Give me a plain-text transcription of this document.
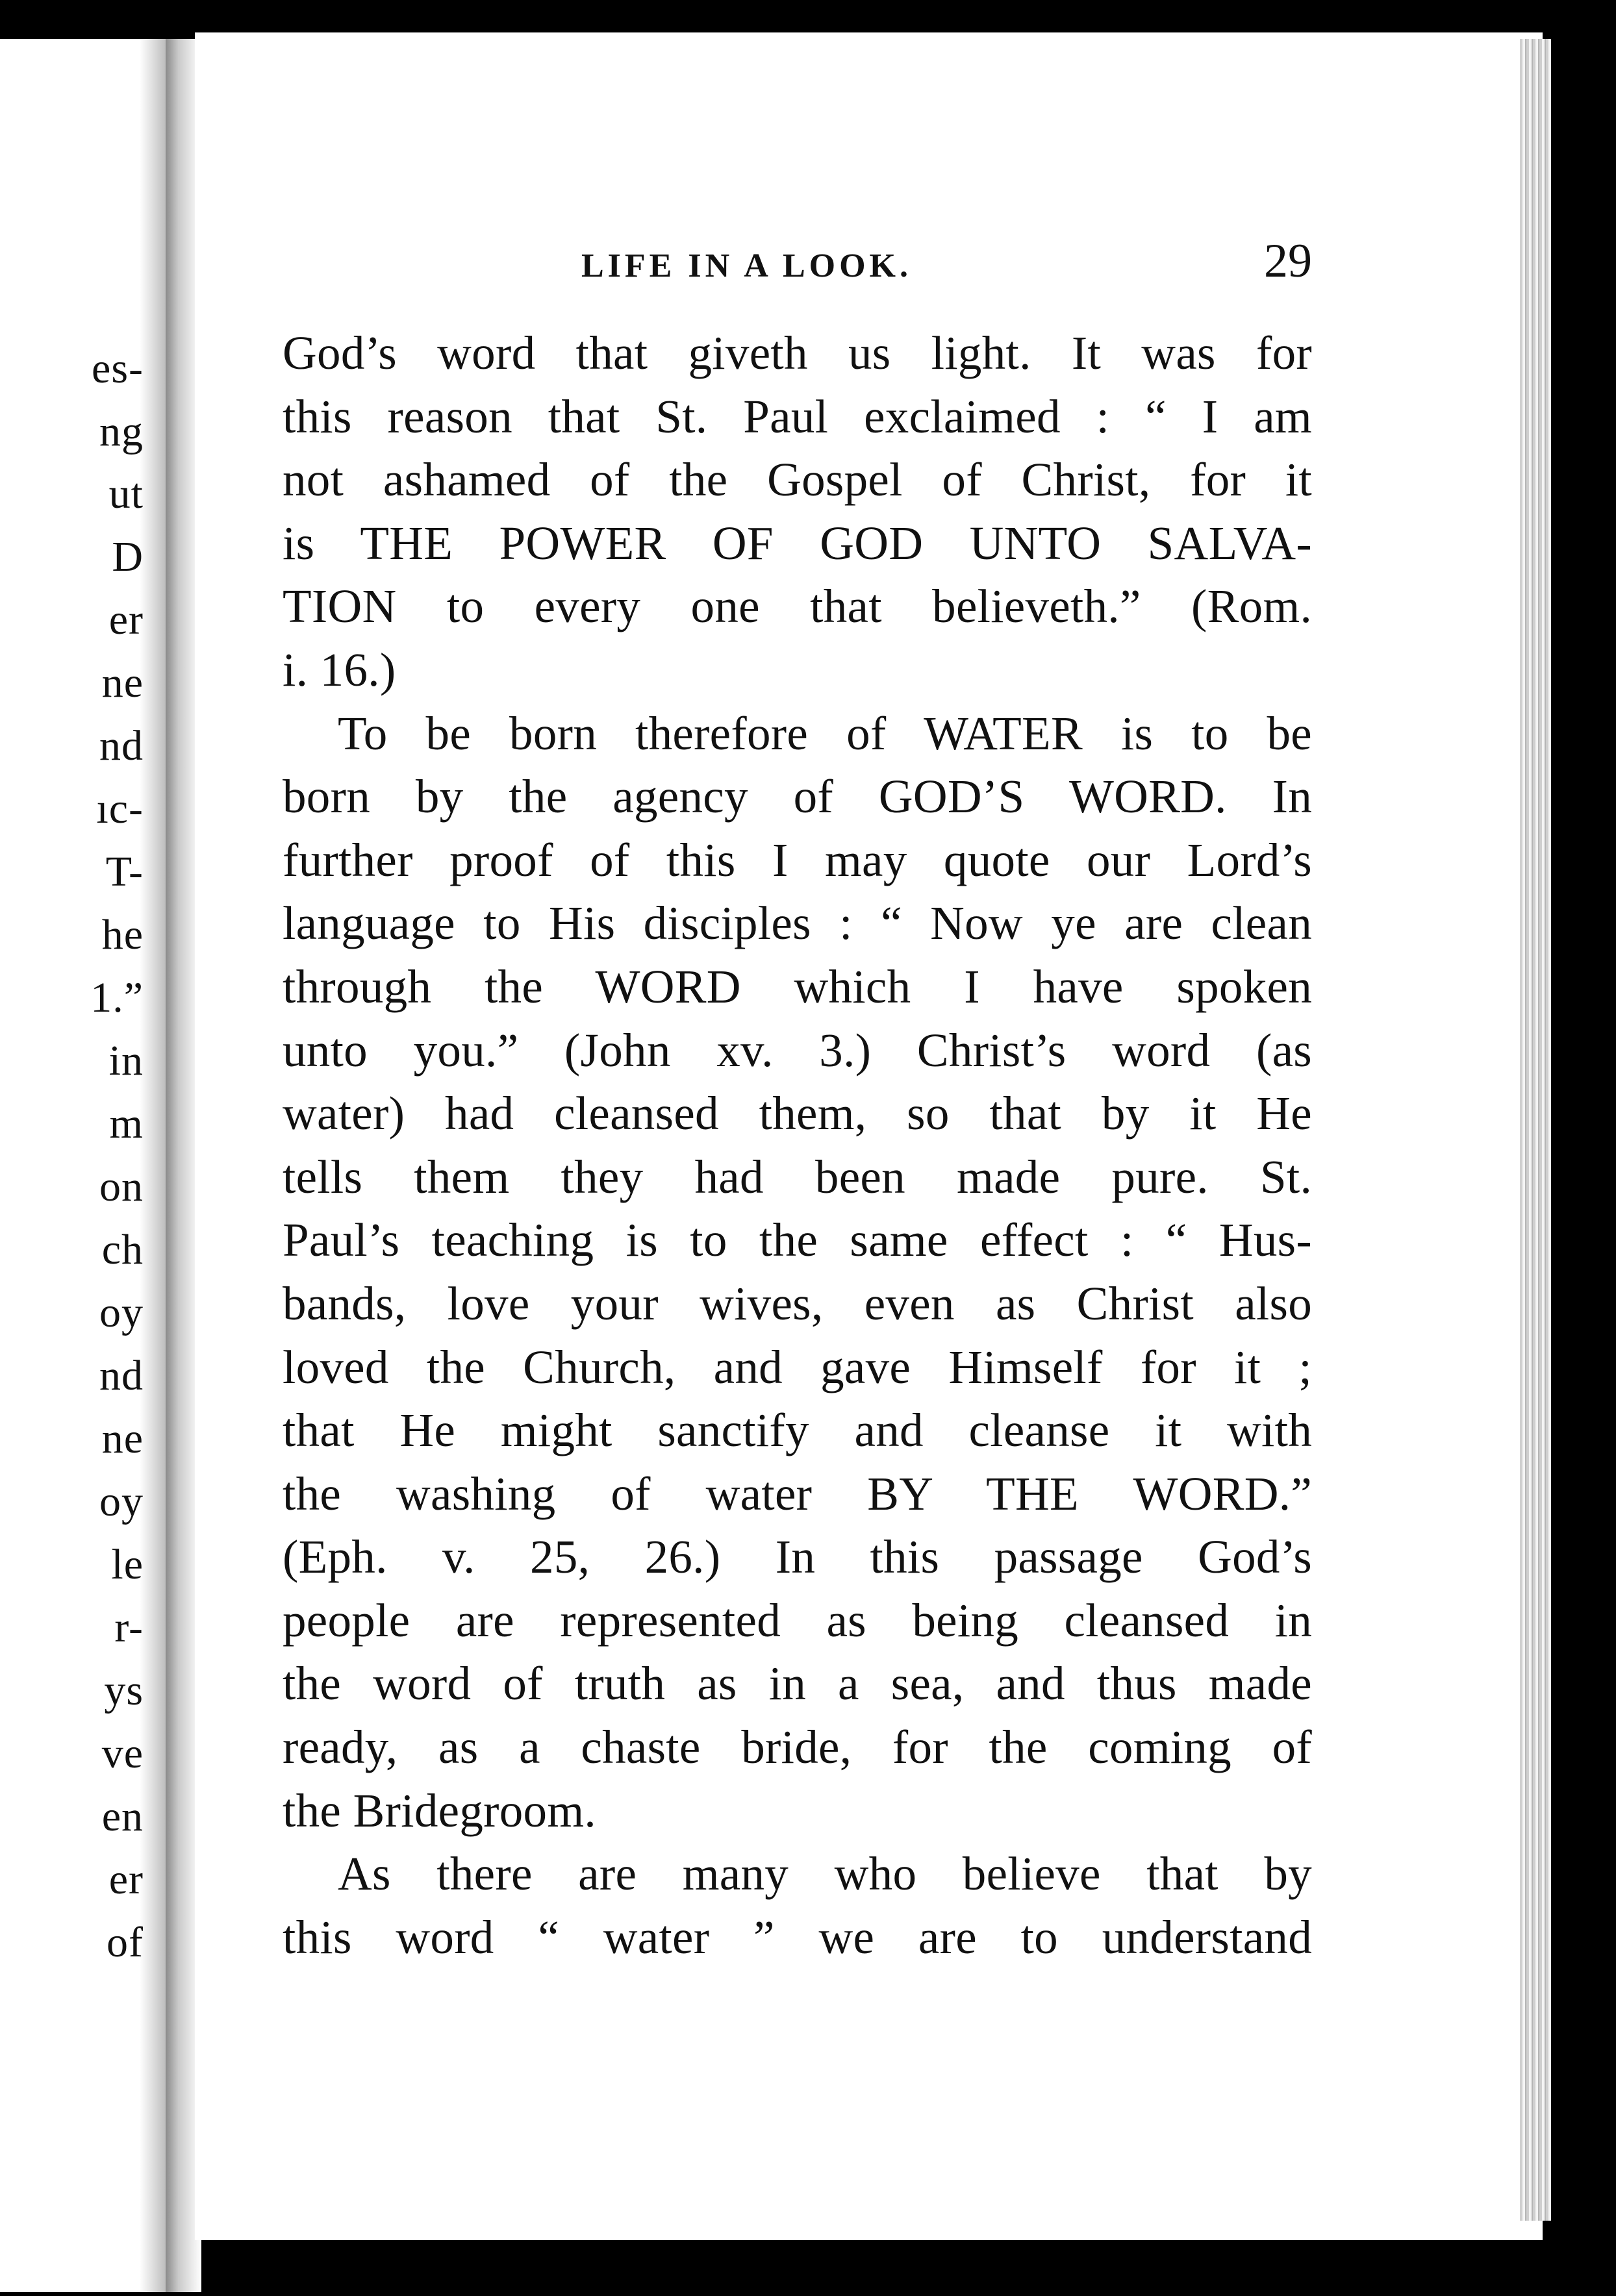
es-
ng
ut
D
er
ne
nd
ıc-
T-
he
1.”
in
m
on
ch
oy
nd
ne
oy
le
r-
ys
ve
en
er
of
LIFE IN A LOOK.	29
God’s word that giveth us light. It was for
this reason that St. Paul exclaimed : “ I am
not ashamed of the Gospel of Christ, for it
is THE POWER OF GOD UNTO SALVA-
TION to every one that believeth.” (Rom.
i. 16.)
To be born therefore of WATER is to be
born by the agency of GOD’S WORD. In
further proof of this I may quote our Lord’s
language to His disciples : “ Now ye are clean
through the WORD which I have spoken
unto you.” (John xv. 3.) Christ’s word (as
water) had cleansed them, so that by it He
tells them they had been made pure. St.
Paul’s teaching is to the same effect : “ Hus-
bands, love your wives, even as Christ also
loved the Church, and gave Himself for it ;
that He might sanctify and cleanse it with
the washing of water BY THE WORD.”
(Eph. v. 25, 26.) In this passage God’s
people are represented as being cleansed in
the word of truth as in a sea, and thus made
ready, as a chaste bride, for the coming of
the Bridegroom.
As there are many who believe that by
this word “ water ” we are to understand
